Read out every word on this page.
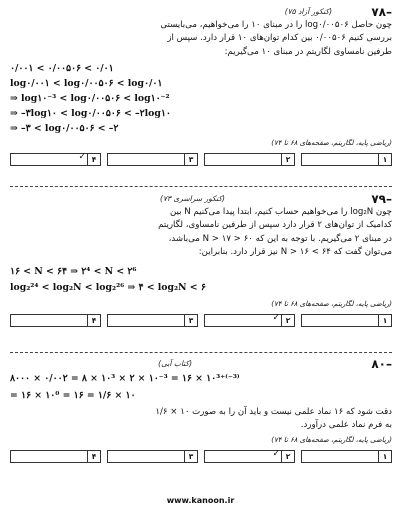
–۷۸
(کنکور آزاد ۷۵)
چون حاصل log۰/۰۰۵۰۶ را در مبنای ۱۰ را می‌خواهیم، می‌بایستی
بررسی کنیم ۰/۰۰۵۰۶ بین کدام توان‌های ۱۰ قرار دارد. سپس از
طرفین نامساوی لگاریتم در مبنای ۱۰ می‌گیریم:
۰/۰۰۱ < ۰/۰۰۵۰۶ < ۰/۰۱
log۰/۰۰۱ < log۰/۰۰۵۰۶ < log۰/۰۱
⇒ log۱۰⁻³ < log۰/۰۰۵۰۶ < log۱۰⁻²
⇒ –۳log۱۰ < log۰/۰۰۵۰۶ < –۲log۱۰
⇒ –۳ < log۰/۰۰۵۰۶ < –۲
(ریاضی پایه، لگاریتم، صفحه‌های ۶۸ تا ۷۴)
۱
۲
۳
۴
✓
–۷۹
(کنکور سراسری ۷۳)
چون log₂N را می‌خواهیم حساب کنیم، ابتدا پیدا می‌کنیم N بین
کدامیک از توان‌های ۲ قرار دارد سپس از طرفین نامساوی، لگاریتم
در مبنای ۲ می‌گیریم. با توجه به این که ۶۰ < N > ۱۷ می‌باشد،
می‌توان گفت که ۶۴ > N > ۱۶ نیز قرار دارد. بنابراین:
۱۶ < N < ۶۴ ⇒ ۲⁴ < N < ۲⁶
log₂²⁴ < log₂N < log₂²⁶ ⇒ ۴ < log₂N < ۶
(ریاضی پایه، لگاریتم، صفحه‌های ۶۸ تا ۷۴)
۱
۲
✓
۳
۴
–۸۰
(کتاب آبی)
۸۰۰۰ × ۰/۰۰۲ = ۸ × ۱۰³ × ۲ × ۱۰⁻³ = ۱۶ × ۱۰³⁺⁽⁻³⁾
= ۱۶ × ۱۰⁰ = ۱۶ = ۱/۶ × ۱۰
دقت شود که ۱۶ نماد علمی نیست و باید آن را به صورت ۱۰ × ۱/۶
به فرم نماد علمی درآورد.
(ریاضی پایه، لگاریتم، صفحه‌های ۶۸ تا ۷۴)
۱
۲
✓
۳
۴
www.kanoon.ir
